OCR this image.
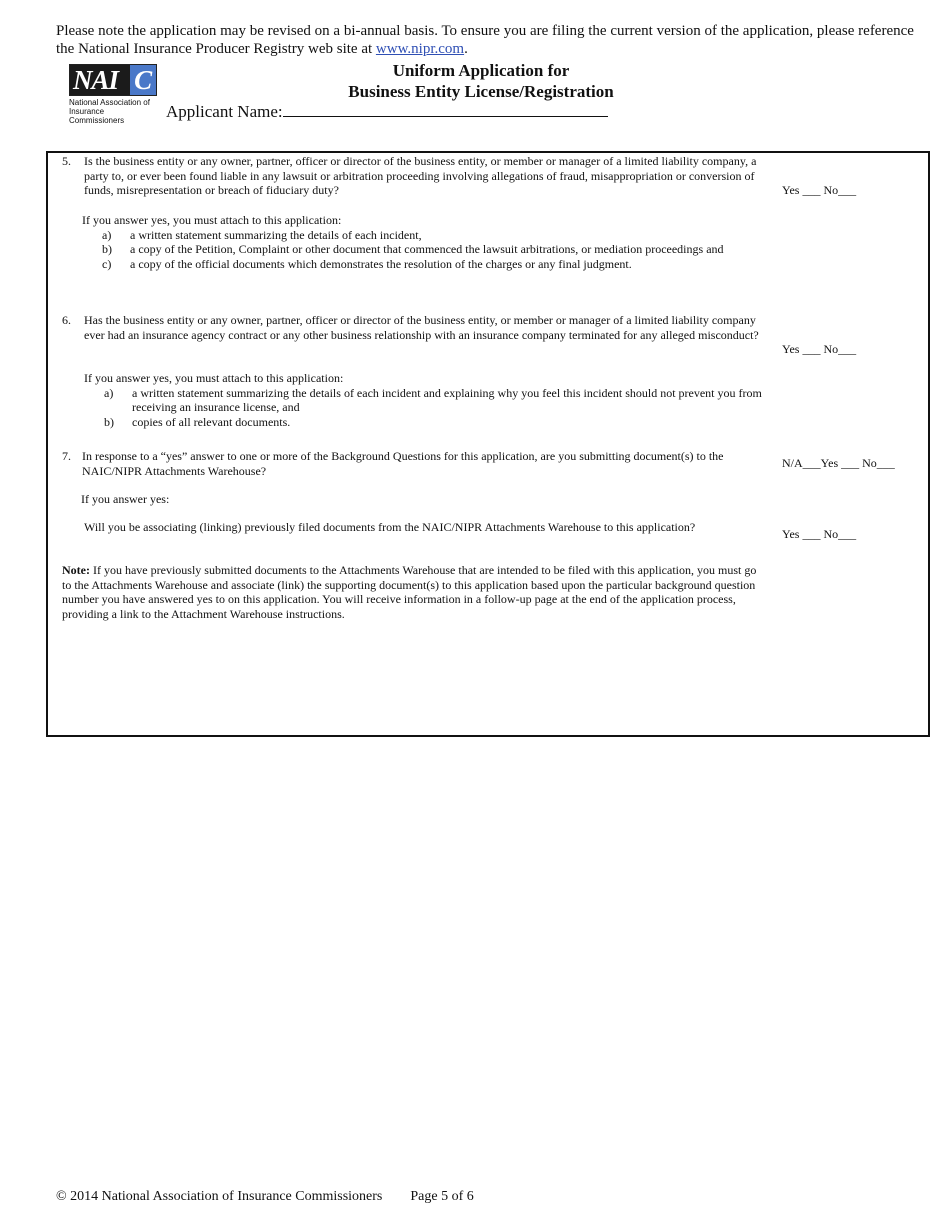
Please note the application may be revised on a bi-annual basis. To ensure you are filing the current version of the application, please reference the National Insurance Producer Registry web site at www.nipr.com.
NAI C
National Association of
Insurance Commissioners
Uniform Application for
Business Entity License/Registration
Applicant Name:
5.	Is the business entity or any owner, partner, officer or director of the business entity, or member or manager of a limited liability company, a party to, or ever been found liable in any lawsuit or arbitration proceeding involving allegations of fraud, misappropriation or conversion of funds, misrepresentation or breach of fiduciary duty?	Yes ___ No___
If you answer yes, you must attach to this application:
a) a written statement summarizing the details of each incident,
b) a copy of the Petition, Complaint or other document that commenced the lawsuit arbitrations, or mediation proceedings and
c) a copy of the official documents which demonstrates the resolution of the charges or any final judgment.
6.	Has the business entity or any owner, partner, officer or director of the business entity, or member or manager of a limited liability company ever had an insurance agency contract or any other business relationship with an insurance company terminated for any alleged misconduct?
Yes ___ No___
If you answer yes, you must attach to this application:
a) a written statement summarizing the details of each incident and explaining why you feel this incident should not prevent you from receiving an insurance license, and
b) copies of all relevant documents.
7. In response to a “yes” answer to one or more of the Background Questions for this application, are you submitting document(s) to the NAIC/NIPR Attachments Warehouse?
N/A___Yes ___ No___
If you answer yes:
Will you be associating (linking) previously filed documents from the NAIC/NIPR Attachments Warehouse to this application?	Yes ___ No___
Note: If you have previously submitted documents to the Attachments Warehouse that are intended to be filed with this application, you must go to the Attachments Warehouse and associate (link) the supporting document(s) to this application based upon the particular background question number you have answered yes to on this application. You will receive information in a follow-up page at the end of the application process, providing a link to the Attachment Warehouse instructions.
© 2014 National Association of Insurance Commissioners Page 5 of 6
